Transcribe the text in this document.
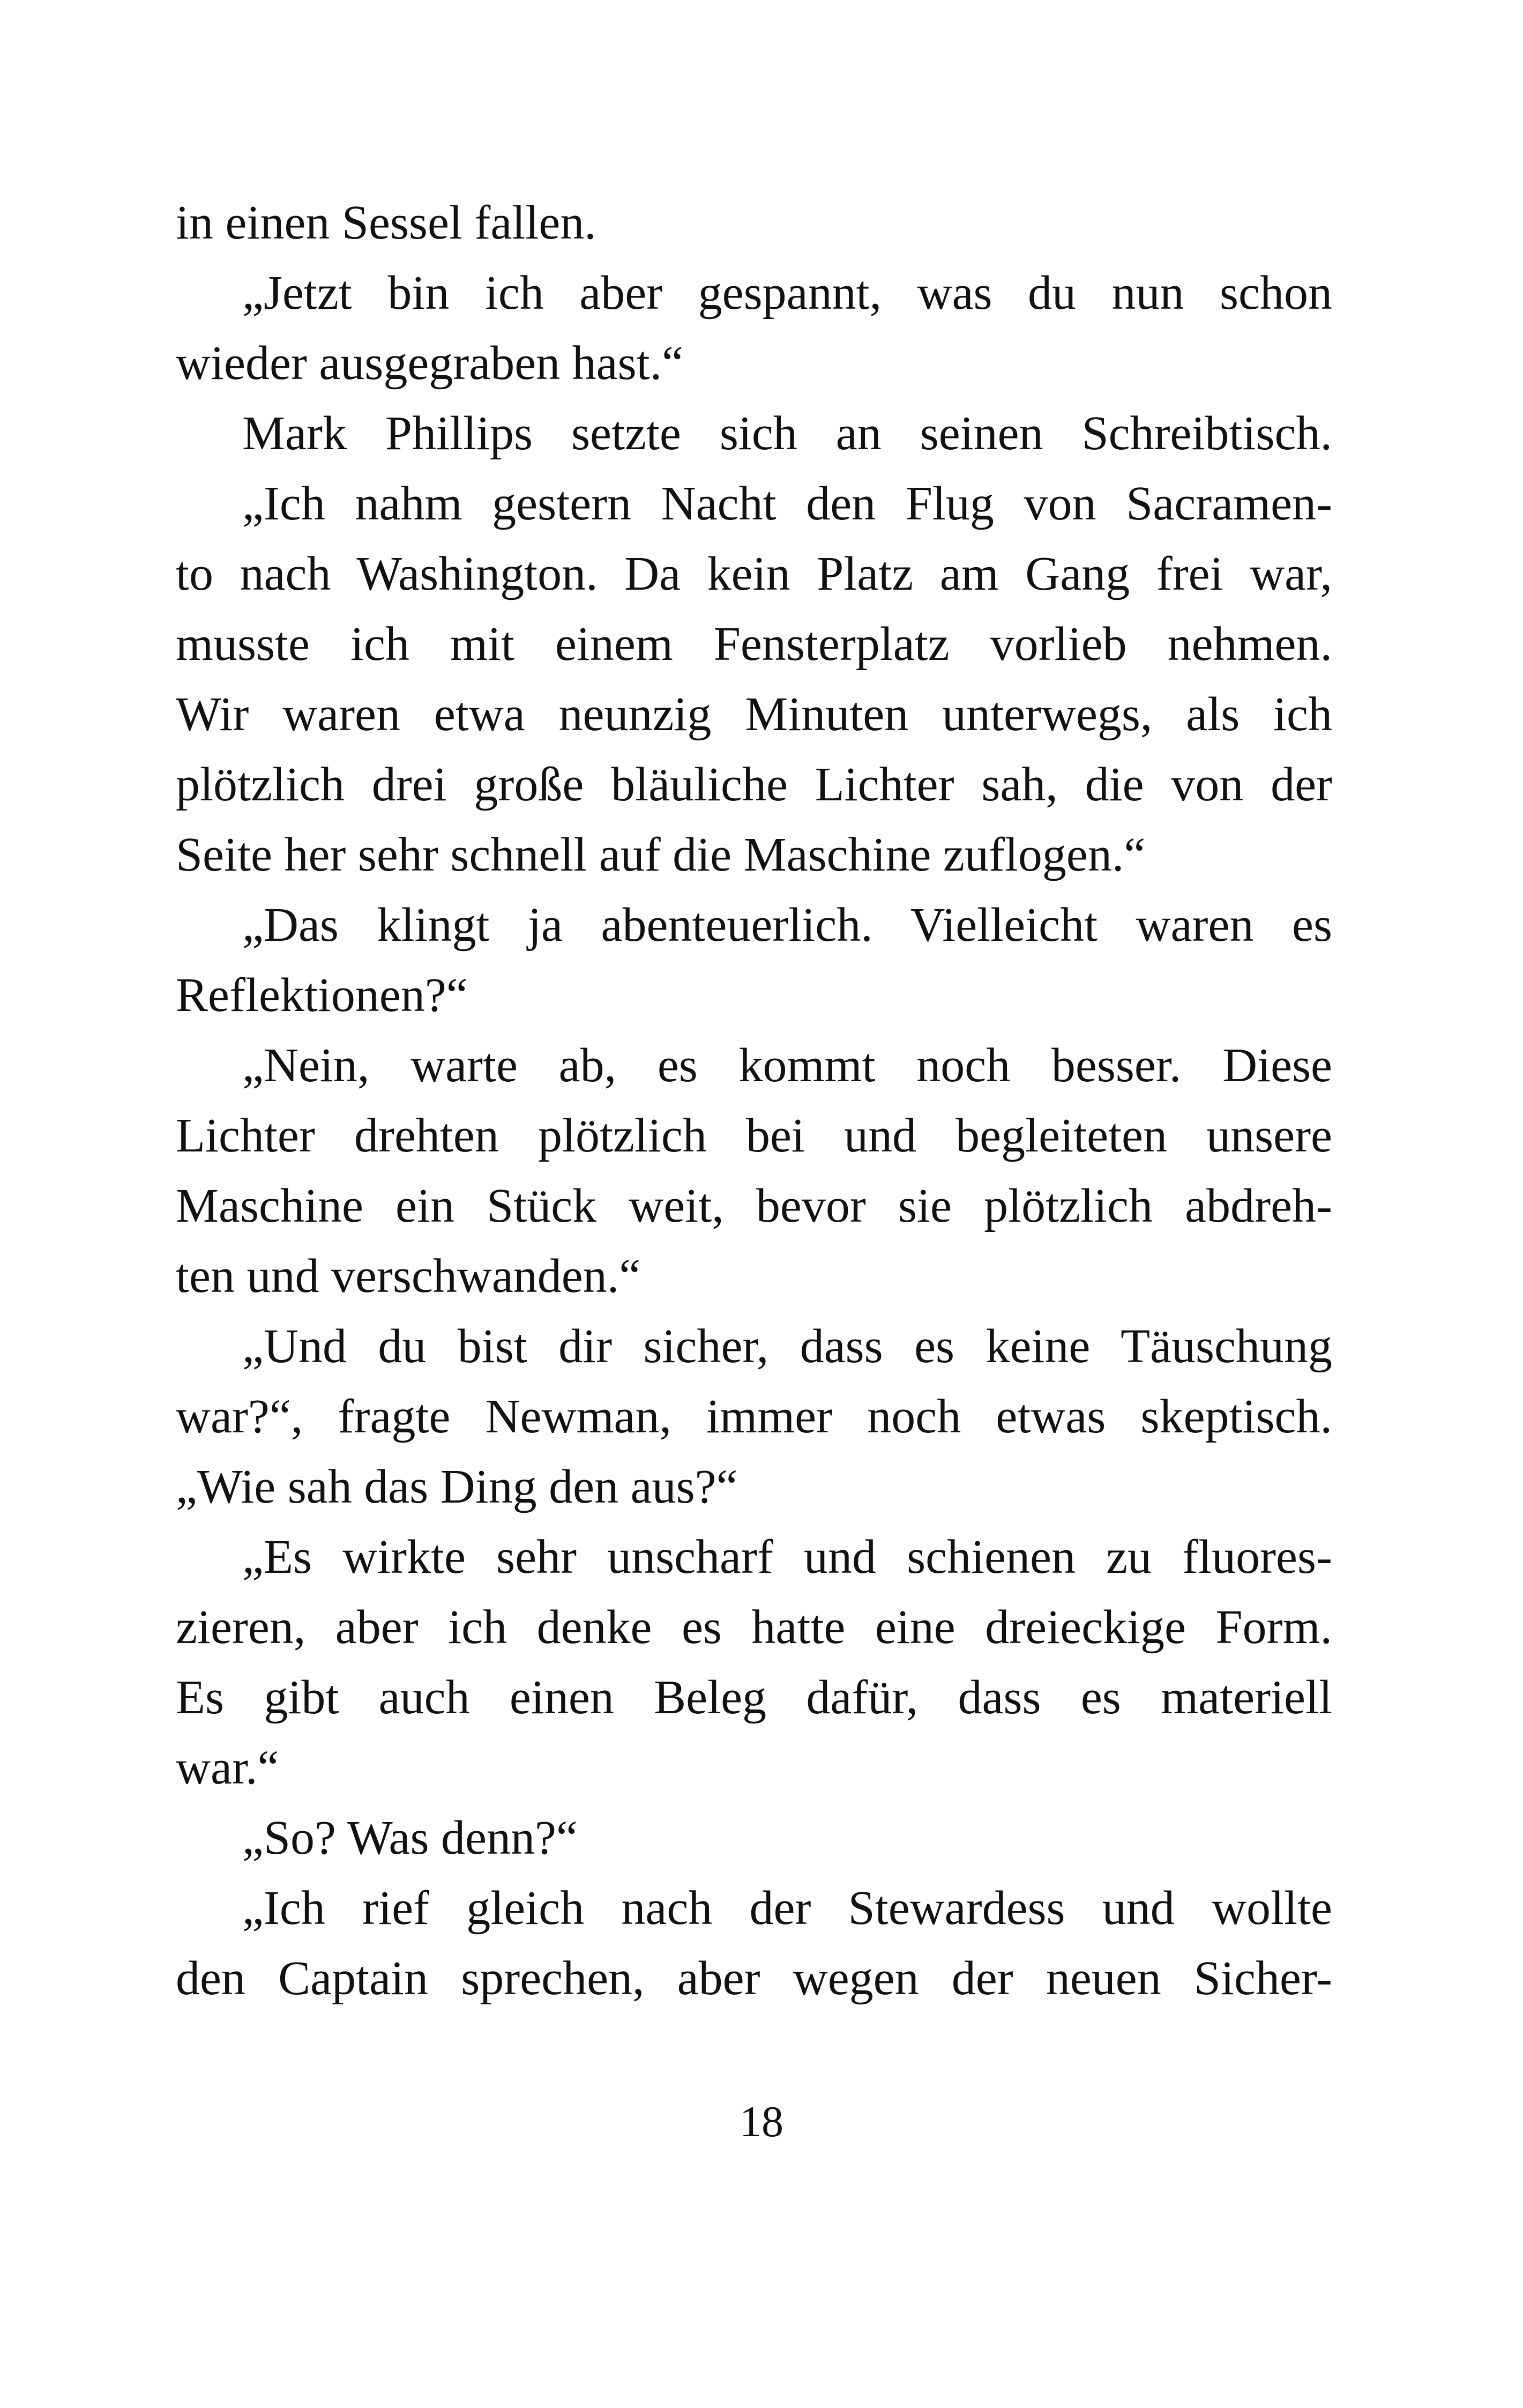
in einen Sessel fallen.
„Jetzt bin ich aber gespannt, was du nun schon
wieder ausgegraben hast.“
Mark Phillips setzte sich an seinen Schreibtisch.
„Ich nahm gestern Nacht den Flug von Sacramen-
to nach Washington. Da kein Platz am Gang frei war,
musste ich mit einem Fensterplatz vorlieb nehmen.
Wir waren etwa neunzig Minuten unterwegs, als ich
plötzlich drei große bläuliche Lichter sah, die von der
Seite her sehr schnell auf die Maschine zuflogen.“
„Das klingt ja abenteuerlich. Vielleicht waren es
Reflektionen?“
„Nein, warte ab, es kommt noch besser. Diese
Lichter drehten plötzlich bei und begleiteten unsere
Maschine ein Stück weit, bevor sie plötzlich abdreh-
ten und verschwanden.“
„Und du bist dir sicher, dass es keine Täuschung
war?“, fragte Newman, immer noch etwas skeptisch.
„Wie sah das Ding den aus?“
„Es wirkte sehr unscharf und schienen zu fluores-
zieren, aber ich denke es hatte eine dreieckige Form.
Es gibt auch einen Beleg dafür, dass es materiell
war.“
„So? Was denn?“
„Ich rief gleich nach der Stewardess und wollte
den Captain sprechen, aber wegen der neuen Sicher-
18
